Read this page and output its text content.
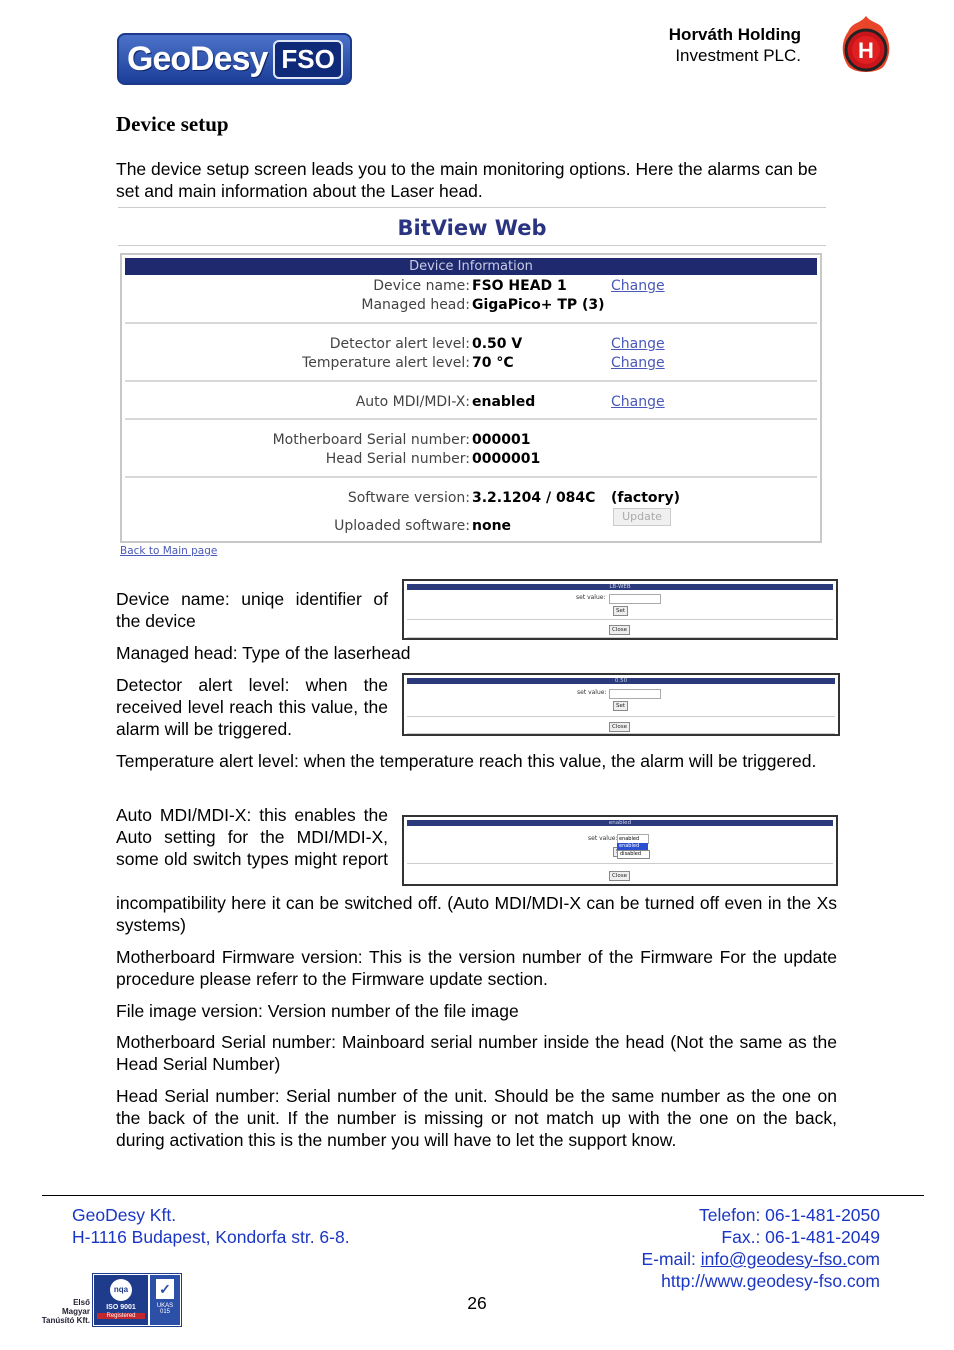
GeoDesy FSO
Horváth Holding
Investment PLC.	H
Device setup

The device setup screen leads you to the main monitoring options. Here the alarms can be set and main information about the Laser head.

BitView Web
Device Information
Device name: FSO HEAD 1	Change
Managed head: GigaPico+ TP (3)
Detector alert level: 0.50 V	Change
Temperature alert level: 70 °C	Change
Auto MDI/MDI-X: enabled	Change
Motherboard Serial number: 000001
Head Serial number: 0000001
Software version: 3.2.1204 / 084C (factory)
Uploaded software: none
Update
Back to Main page

Device name: uniqe identifier of the device

LB-WEB
set value:
Set
Close

Managed head: Type of the laserhead

Detector alert level: when the received level reach this value, the alarm will be triggered.

0.50
set value:
Set
Close

Temperature alert level: when the temperature reach this value, the alarm will be triggered.

Auto MDI/MDI-X: this enables the Auto setting for the MDI/MDI-X, some old switch types might report

enabled
set value: enabled
enabled
disabled
Close

incompatibility here it can be switched off. (Auto MDI/MDI-X can be turned off even in the Xs systems)

Motherboard Firmware version: This is the version number of the Firmware For the update procedure please referr to the Firmware update section.

File image version: Version number of the file image

Motherboard Serial number: Mainboard serial number inside the head (Not the same as the Head Serial Number)

Head Serial number: Serial number of the unit. Should be the same number as the one on the back of the unit. If the number is missing or not match up with the one on the back, during activation this is the number you will have to let the support know.

GeoDesy Kft.
H-1116 Budapest, Kondorfa str. 6-8.
Telefon: 06-1-481-2050
Fax.: 06-1-481-2049
E-mail: info@geodesy-fso.com
http://www.geodesy-fso.com
26
Első
Magyar
Tanúsító Kft.
nqa
ISO 9001
Registered
✓
UKAS
015
